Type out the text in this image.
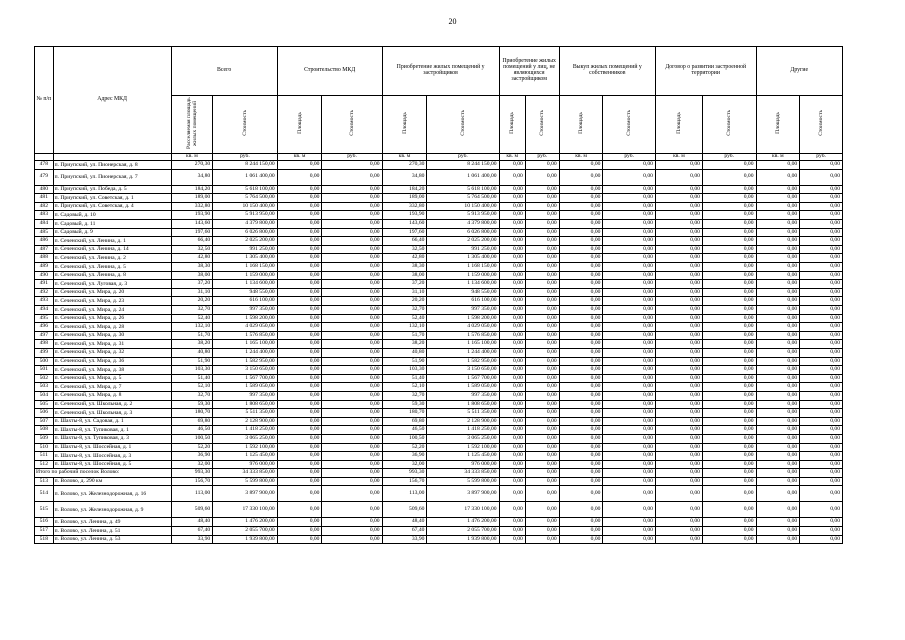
20
№ п/п	Адрес МКД	Всего		Строительство МКД		Приобретение жилых помещений у застройщиков		Приобретение жилых помещений у лиц, не являющихся застройщиком		Выкуп жилых помещений у собственников		Договор о развитии застроенной территории		Другие	
		Расселяемая площадь жилых помещений	Стоимость	Площадь	Стоимость	Площадь	Стоимость	Площадь	Стоимость	Площадь	Стоимость	Площадь	Стоимость	Площадь	Стоимость
		кв. м	руб.	кв. м	руб.	кв. м	руб.	кв. м	руб.	кв. м	руб.	кв. м	руб.	кв. м	руб.
478	п. Приупский, ул. Пионерская, д. 8	270,30	8 244 150,00	0,00	0,00	270,30	8 244 150,00	0,00	0,00	0,00	0,00	0,00	0,00	0,00	0,00
479	п. Приупский, ул. Пионерская, д. 7	34,80	1 061 400,00	0,00	0,00	34,80	1 061 400,00	0,00	0,00	0,00	0,00	0,00	0,00	0,00	0,00
480	п. Приупский, ул. Победа, д. 5	184,20	5 618 100,00	0,00	0,00	184,20	5 618 100,00	0,00	0,00	0,00	0,00	0,00	0,00	0,00	0,00
481	п. Приупский, ул. Советская, д. 1	189,00	5 764 500,00	0,00	0,00	189,00	5 764 500,00	0,00	0,00	0,00	0,00	0,00	0,00	0,00	0,00
482	п. Приупский, ул. Советская, д. 4	332,80	10 150 400,00	0,00	0,00	332,80	10 150 400,00	0,00	0,00	0,00	0,00	0,00	0,00	0,00	0,00
483	п. Садовый, д. 10	193,90	5 913 950,00	0,00	0,00	193,90	5 913 950,00	0,00	0,00	0,00	0,00	0,00	0,00	0,00	0,00
484	п. Садовый, д. 11	143,60	4 379 800,00	0,00	0,00	143,60	4 379 800,00	0,00	0,00	0,00	0,00	0,00	0,00	0,00	0,00
485	п. Садовый, д. 9	197,60	6 026 800,00	0,00	0,00	197,60	6 026 800,00	0,00	0,00	0,00	0,00	0,00	0,00	0,00	0,00
486	п. Сеченский, ул. Ленина, д. 1	66,40	2 025 200,00	0,00	0,00	66,40	2 025 200,00	0,00	0,00	0,00	0,00	0,00	0,00	0,00	0,00
487	п. Сеченский, ул. Ленина, д. 14	32,50	991 250,00	0,00	0,00	32,50	991 250,00	0,00	0,00	0,00	0,00	0,00	0,00	0,00	0,00
488	п. Сеченский, ул. Ленина, д. 2	42,80	1 305 400,00	0,00	0,00	42,80	1 305 400,00	0,00	0,00	0,00	0,00	0,00	0,00	0,00	0,00
489	п. Сеченский, ул. Ленина, д. 5	38,30	1 168 150,00	0,00	0,00	38,30	1 168 150,00	0,00	0,00	0,00	0,00	0,00	0,00	0,00	0,00
490	п. Сеченский, ул. Ленина, д. 8	38,00	1 159 000,00	0,00	0,00	38,00	1 159 000,00	0,00	0,00	0,00	0,00	0,00	0,00	0,00	0,00
491	п. Сеченский, ул. Луговая, д. 3	37,20	1 134 600,00	0,00	0,00	37,20	1 134 600,00	0,00	0,00	0,00	0,00	0,00	0,00	0,00	0,00
492	п. Сеченский, ул. Мира, д. 20	31,10	948 550,00	0,00	0,00	31,10	948 550,00	0,00	0,00	0,00	0,00	0,00	0,00	0,00	0,00
493	п. Сеченский, ул. Мира, д. 23	20,20	616 100,00	0,00	0,00	20,20	616 100,00	0,00	0,00	0,00	0,00	0,00	0,00	0,00	0,00
494	п. Сеченский, ул. Мира, д. 24	32,70	997 350,00	0,00	0,00	32,70	997 350,00	0,00	0,00	0,00	0,00	0,00	0,00	0,00	0,00
495	п. Сеченский, ул. Мира, д. 26	52,40	1 598 200,00	0,00	0,00	52,40	1 598 200,00	0,00	0,00	0,00	0,00	0,00	0,00	0,00	0,00
496	п. Сеченский, ул. Мира, д. 28	132,10	4 029 050,00	0,00	0,00	132,10	4 029 050,00	0,00	0,00	0,00	0,00	0,00	0,00	0,00	0,00
497	п. Сеченский, ул. Мира, д. 30	51,70	1 576 850,00	0,00	0,00	51,70	1 576 850,00	0,00	0,00	0,00	0,00	0,00	0,00	0,00	0,00
498	п. Сеченский, ул. Мира, д. 31	38,20	1 165 100,00	0,00	0,00	38,20	1 165 100,00	0,00	0,00	0,00	0,00	0,00	0,00	0,00	0,00
499	п. Сеченский, ул. Мира, д. 32	40,80	1 244 400,00	0,00	0,00	40,80	1 244 400,00	0,00	0,00	0,00	0,00	0,00	0,00	0,00	0,00
500	п. Сеченский, ул. Мира, д. 36	51,90	1 582 950,00	0,00	0,00	51,90	1 582 950,00	0,00	0,00	0,00	0,00	0,00	0,00	0,00	0,00
501	п. Сеченский, ул. Мира, д. 38	103,30	3 150 650,00	0,00	0,00	103,30	3 150 650,00	0,00	0,00	0,00	0,00	0,00	0,00	0,00	0,00
502	п. Сеченский, ул. Мира, д. 5	51,40	1 567 700,00	0,00	0,00	51,40	1 567 700,00	0,00	0,00	0,00	0,00	0,00	0,00	0,00	0,00
503	п. Сеченский, ул. Мира, д. 7	52,10	1 589 050,00	0,00	0,00	52,10	1 589 050,00	0,00	0,00	0,00	0,00	0,00	0,00	0,00	0,00
504	п. Сеченский, ул. Мира, д. 8	32,70	997 350,00	0,00	0,00	32,70	997 350,00	0,00	0,00	0,00	0,00	0,00	0,00	0,00	0,00
505	п. Сеченский, ул. Школьная, д. 2	59,30	1 808 650,00	0,00	0,00	59,30	1 808 650,00	0,00	0,00	0,00	0,00	0,00	0,00	0,00	0,00
506	п. Сеченский, ул. Школьная, д. 3	180,70	5 511 350,00	0,00	0,00	180,70	5 511 350,00	0,00	0,00	0,00	0,00	0,00	0,00	0,00	0,00
507	п. Шахты-8, ул. Садовая, д. 1	69,80	2 128 900,00	0,00	0,00	69,80	2 128 900,00	0,00	0,00	0,00	0,00	0,00	0,00	0,00	0,00
508	п. Шахты-8, ул. Тупиковая, д. 1	46,50	1 418 250,00	0,00	0,00	46,50	1 418 250,00	0,00	0,00	0,00	0,00	0,00	0,00	0,00	0,00
509	п. Шахты-8, ул. Тупиковая, д. 3	100,50	3 065 250,00	0,00	0,00	100,50	3 065 250,00	0,00	0,00	0,00	0,00	0,00	0,00	0,00	0,00
510	п. Шахты-8, ул. Шоссейная, д. 1	52,20	1 592 100,00	0,00	0,00	52,20	1 592 100,00	0,00	0,00	0,00	0,00	0,00	0,00	0,00	0,00
511	п. Шахты-8, ул. Шоссейная, д. 3	36,90	1 125 450,00	0,00	0,00	36,90	1 125 450,00	0,00	0,00	0,00	0,00	0,00	0,00	0,00	0,00
512	п. Шахты-8, ул. Шоссейная, д. 5	32,00	976 000,00	0,00	0,00	32,00	976 000,00	0,00	0,00	0,00	0,00	0,00	0,00	0,00	0,00
Итого по рабочий поселок Волово:		993,30	34 333 850,00	0,00	0,00	993,30	34 333 850,00	0,00	0,00	0,00	0,00	0,00	0,00	0,00	0,00
513	п. Волово, д. 290 км	156,70	5 599 800,00	0,00	0,00	156,70	5 599 800,00	0,00	0,00	0,00	0,00	0,00	0,00	0,00	0,00
514	п. Волово, ул. Железнодорожная, д. 16	113,00	3 897 900,00	0,00	0,00	113,00	3 897 900,00	0,00	0,00	0,00	0,00	0,00	0,00	0,00	0,00
515	п. Волово, ул. Железнодорожная, д. 9	509,60	17 330 100,00	0,00	0,00	509,60	17 330 100,00	0,00	0,00	0,00	0,00	0,00	0,00	0,00	0,00
516	п. Волово, ул. Ленина, д. 49	48,40	1 476 200,00	0,00	0,00	48,40	1 476 200,00	0,00	0,00	0,00	0,00	0,00	0,00	0,00	0,00
517	п. Волово, ул. Ленина, д. 51	67,40	2 055 700,00	0,00	0,00	67,40	2 055 700,00	0,00	0,00	0,00	0,00	0,00	0,00	0,00	0,00
518	п. Волово, ул. Ленина, д. 53	33,90	1 939 800,00	0,00	0,00	33,90	1 939 800,00	0,00	0,00	0,00	0,00	0,00	0,00	0,00	0,00
